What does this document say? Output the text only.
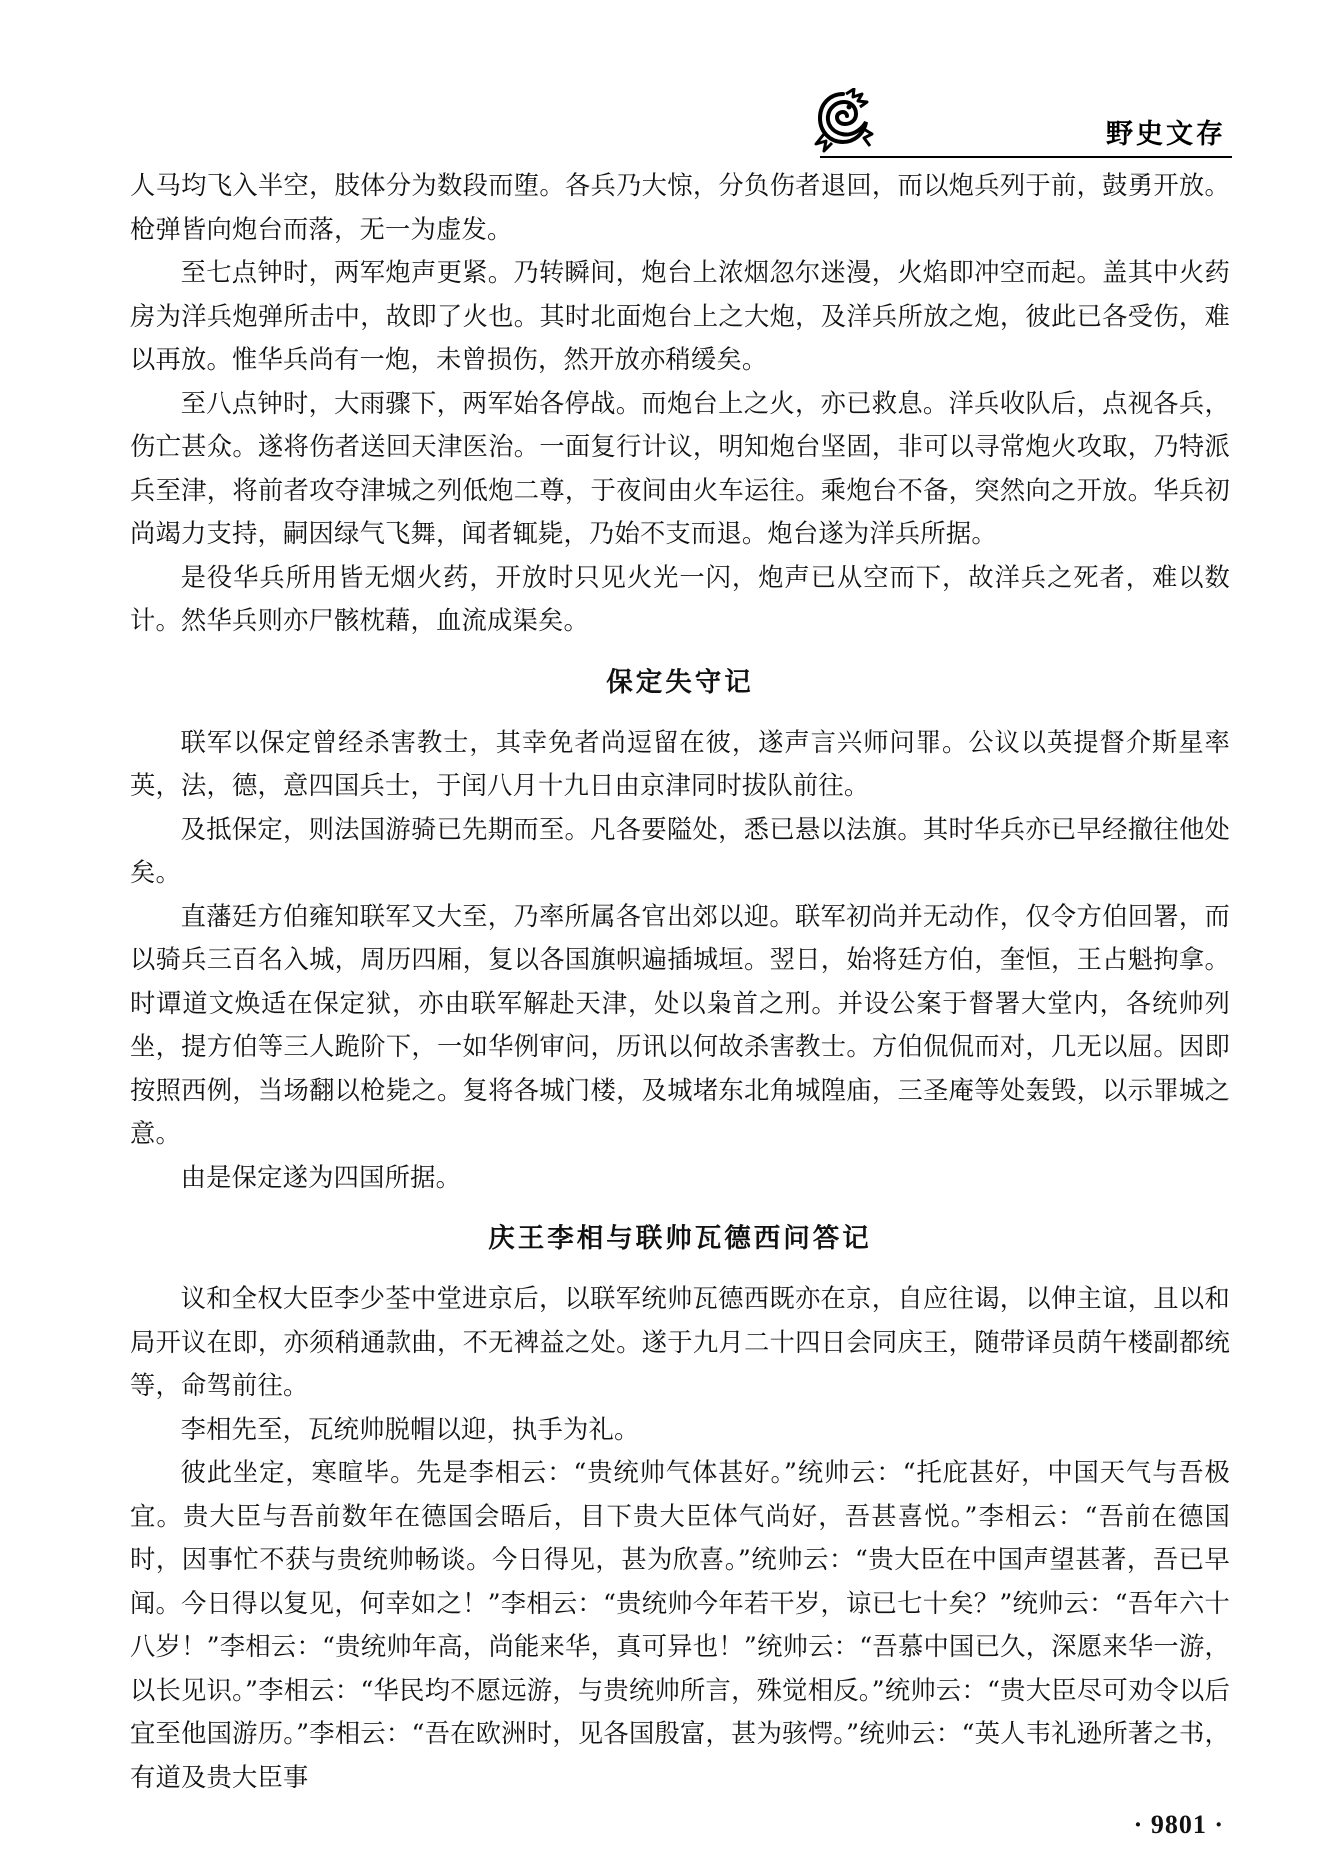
野史文存

人马均飞入半空，肢体分为数段而堕。各兵乃大惊，分负伤者退回，而以炮兵列于前，鼓勇开放。枪弹皆向炮台而落，无一为虚发。

至七点钟时，两军炮声更紧。乃转瞬间，炮台上浓烟忽尔迷漫，火焰即冲空而起。盖其中火药房为洋兵炮弹所击中，故即了火也。其时北面炮台上之大炮，及洋兵所放之炮，彼此已各受伤，难以再放。惟华兵尚有一炮，未曾损伤，然开放亦稍缓矣。

至八点钟时，大雨骤下，两军始各停战。而炮台上之火，亦已救息。洋兵收队后，点视各兵，伤亡甚众。遂将伤者送回天津医治。一面复行计议，明知炮台坚固，非可以寻常炮火攻取，乃特派兵至津，将前者攻夺津城之列低炮二尊，于夜间由火车运往。乘炮台不备，突然向之开放。华兵初尚竭力支持，嗣因绿气飞舞，闻者辄毙，乃始不支而退。炮台遂为洋兵所据。

是役华兵所用皆无烟火药，开放时只见火光一闪，炮声已从空而下，故洋兵之死者，难以数计。然华兵则亦尸骸枕藉，血流成渠矣。

保定失守记

联军以保定曾经杀害教士，其幸免者尚逗留在彼，遂声言兴师问罪。公议以英提督介斯星率英，法，德，意四国兵士，于闰八月十九日由京津同时拔队前往。

及抵保定，则法国游骑已先期而至。凡各要隘处，悉已悬以法旗。其时华兵亦已早经撤往他处矣。

直藩廷方伯雍知联军又大至，乃率所属各官出郊以迎。联军初尚并无动作，仅令方伯回署，而以骑兵三百名入城，周历四厢，复以各国旗帜遍插城垣。翌日，始将廷方伯，奎恒，王占魁拘拿。时谭道文焕适在保定狱，亦由联军解赴天津，处以枭首之刑。并设公案于督署大堂内，各统帅列坐，提方伯等三人跪阶下，一如华例审问，历讯以何故杀害教士。方伯侃侃而对，几无以屈。因即按照西例，当场翻以枪毙之。复将各城门楼，及城堵东北角城隍庙，三圣庵等处轰毁，以示罪城之意。

由是保定遂为四国所据。

庆王李相与联帅瓦德西问答记

议和全权大臣李少荃中堂进京后，以联军统帅瓦德西既亦在京，自应往谒，以伸主谊，且以和局开议在即，亦须稍通款曲，不无裨益之处。遂于九月二十四日会同庆王，随带译员荫午楼副都统等，命驾前往。

李相先至，瓦统帅脱帽以迎，执手为礼。

彼此坐定，寒暄毕。先是李相云：“贵统帅气体甚好。”统帅云：“托庇甚好，中国天气与吾极宜。贵大臣与吾前数年在德国会晤后，目下贵大臣体气尚好，吾甚喜悦。”李相云：“吾前在德国时，因事忙不获与贵统帅畅谈。今日得见，甚为欣喜。”统帅云：“贵大臣在中国声望甚著，吾已早闻。今日得以复见，何幸如之！”李相云：“贵统帅今年若干岁，谅已七十矣？”统帅云：“吾年六十八岁！”李相云：“贵统帅年高，尚能来华，真可异也！”统帅云：“吾慕中国已久，深愿来华一游，以长见识。”李相云：“华民均不愿远游，与贵统帅所言，殊觉相反。”统帅云：“贵大臣尽可劝令以后宜至他国游历。”李相云：“吾在欧洲时，见各国殷富，甚为骇愕。”统帅云：“英人韦礼逊所著之书，有道及贵大臣事

· 9801 ·
